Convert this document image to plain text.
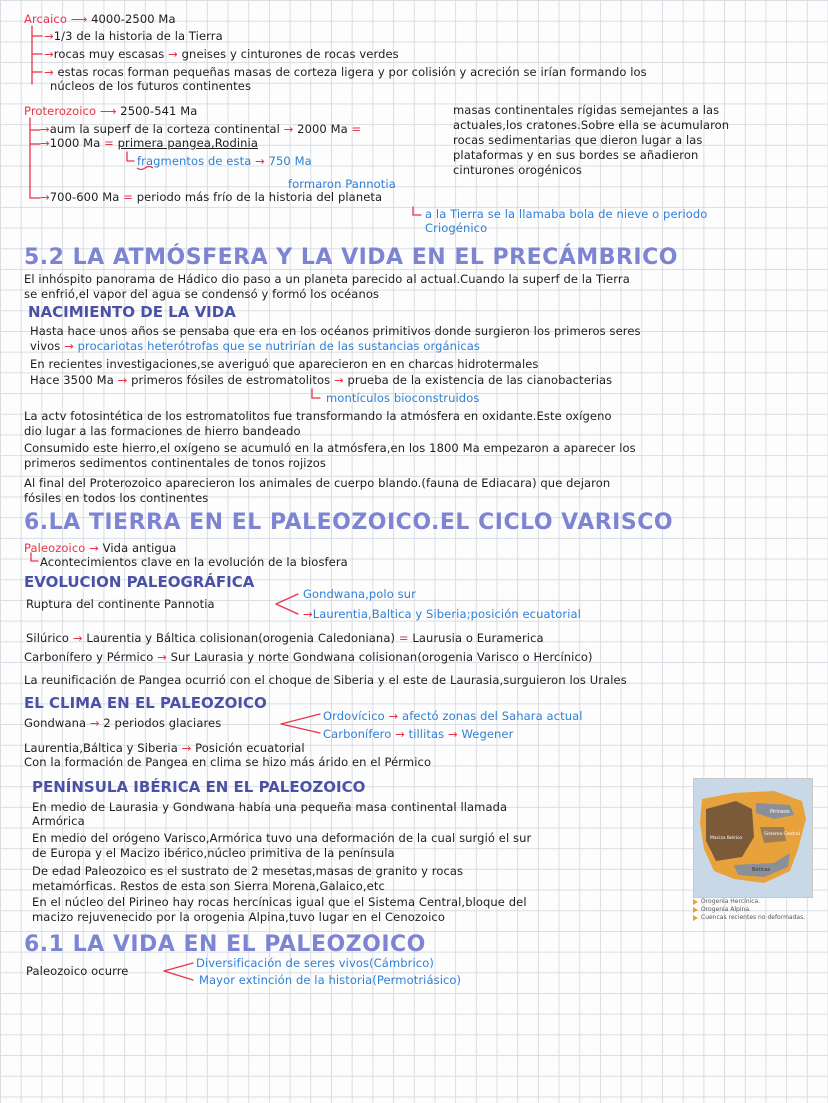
Arcaico ⟶ 4000-2500 Ma
→1/3 de la historia de la Tierra
→rocas muy escasas → gneises y cinturones de rocas verdes
→ estas rocas forman pequeñas masas de corteza ligera y por colisión y acreción se irían formando los
núcleos de los futuros continentes
Proterozoico ⟶ 2500-541 Ma
→aum la superf de la corteza continental → 2000 Ma =
→1000 Ma = primera pangea,Rodinia
fragmentos de esta → 750 Ma
formaron Pannotia
→700-600 Ma = periodo más frío de la historia del planeta
a la Tierra se la llamaba bola de nieve o periodo
Criogénico
masas continentales rígidas semejantes a las
actuales,los cratones.Sobre ella se acumularon
rocas sedimentarias que dieron lugar a las
plataformas y en sus bordes se añadieron
cinturones orogénicos
5.2 LA ATMÓSFERA Y LA VIDA EN EL PRECÁMBRICO
El inhóspito panorama de Hádico dio paso a un planeta parecido al actual.Cuando la superf de la Tierra
se enfrió,el vapor del agua se condensó y formó los océanos
NACIMIENTO DE LA VIDA
Hasta hace unos años se pensaba que era en los océanos primitivos donde surgieron los primeros seres
vivos → procariotas heterótrofas que se nutrirían de las sustancias orgánicas
En recientes investigaciones,se averiguó que aparecieron en en charcas hidrotermales
Hace 3500 Ma → primeros fósiles de estromatolitos → prueba de la existencia de las cianobacterias
montículos bioconstruidos
La actv fotosintética de los estromatolitos fue transformando la atmósfera en oxidante.Este oxígeno
dio lugar a las formaciones de hierro bandeado
Consumido este hierro,el oxígeno se acumuló en la atmósfera,en los 1800 Ma empezaron a aparecer los
primeros sedimentos continentales de tonos rojizos
Al final del Proterozoico aparecieron los animales de cuerpo blando.(fauna de Ediacara) que dejaron
fósiles en todos los continentes
6.LA TIERRA EN EL PALEOZOICO.EL CICLO VARISCO
Paleozoico → Vida antigua
Acontecimientos clave en la evolución de la biosfera
EVOLUCION PALEOGRÁFICA
Ruptura del continente Pannotia
Gondwana,polo sur
→Laurentia,Baltica y Siberia;posición ecuatorial
Silúrico → Laurentia y Báltica colisionan(orogenia Caledoniana) = Laurusia o Euramerica
Carbonífero y Pérmico → Sur Laurasia y norte Gondwana colisionan(orogenia Varisco o Hercínico)
La reunificación de Pangea ocurrió con el choque de Siberia y el este de Laurasia,surguieron los Urales
EL CLIMA EN EL PALEOZOICO
Gondwana → 2 periodos glaciares	Ordovícico → afectó zonas del Sahara actual
Carbonífero → tillitas → Wegener
Laurentia,Báltica y Siberia → Posición ecuatorial
Con la formación de Pangea en clima se hizo más árido en el Pérmico
PENÍNSULA IBÉRICA EN EL PALEOZOICO
En medio de Laurasia y Gondwana había una pequeña masa continental llamada
Armórica
En medio del orógeno Varisco,Armórica tuvo una deformación de la cual surgió el sur
de Europa y el Macizo ibérico,núcleo primitiva de la península
De edad Paleozoico es el sustrato de 2 mesetas,masas de granito y rocas
metamórficas. Restos de esta son Sierra Morena,Galaico,etc
En el núcleo del Pirineo hay rocas hercínicas igual que el Sistema Central,bloque del
macizo rejuvenecido por la orogenia Alpina,tuvo lugar en el Cenozoico
Pirineos
Sistema Central
Macizo Ibérico
Béticas
Orogenia Hercínica.
Orogenia Alpina.
Cuencas recientes no deformadas.
6.1 LA VIDA EN EL PALEOZOICO
Paleozoico ocurre
Diversificación de seres vivos(Cámbrico)
Mayor extinción de la historia(Permotriásico)
